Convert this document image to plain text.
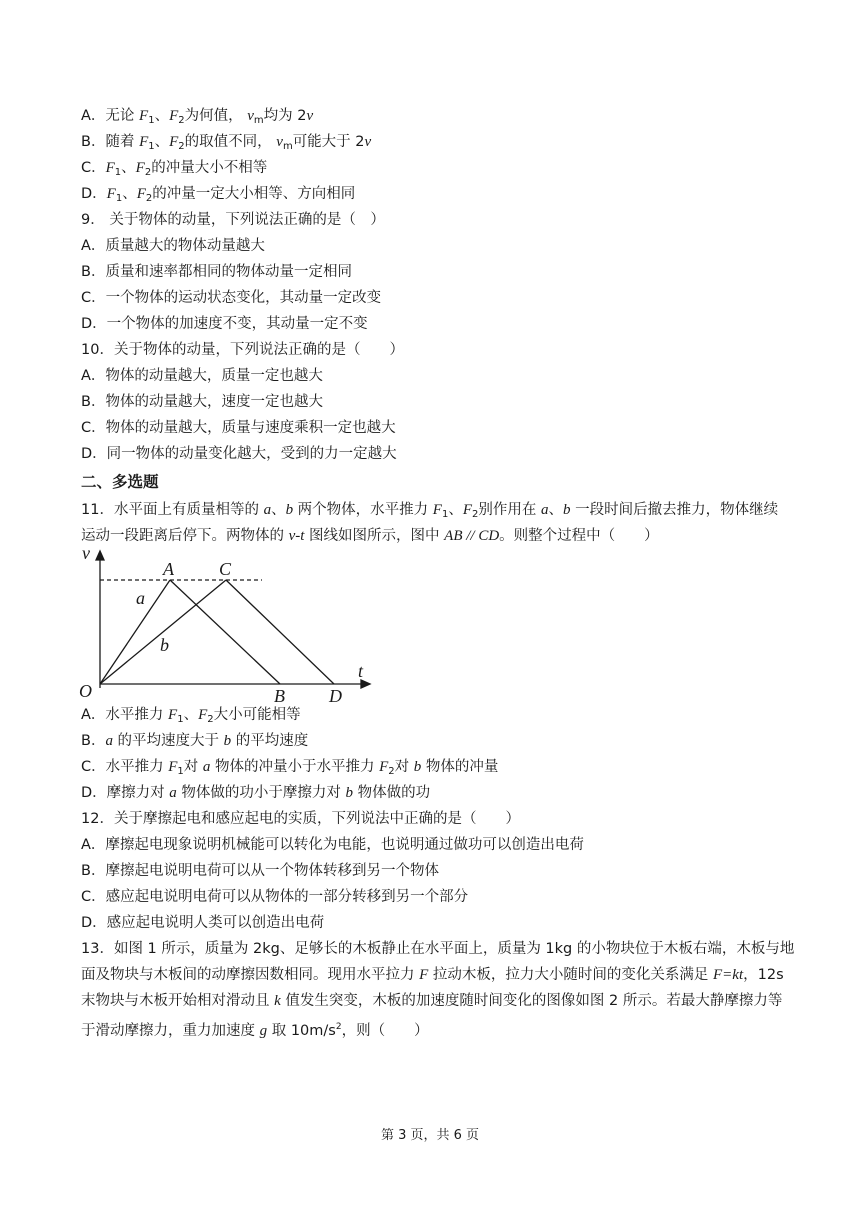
A．无论 $F_1$、$F_2$为何值， $v_m$均为 2v
B．随着 $F_1$、$F_2$的取值不同， $v_m$可能大于 2v
C．$F_1$、$F_2$的冲量大小不相等
D．$F_1$、$F_2$的冲量一定大小相等、方向相同
9． 关于物体的动量，下列说法正确的是（　）
A．质量越大的物体动量越大
B．质量和速率都相同的物体动量一定相同
C．一个物体的运动状态变化，其动量一定改变
D．一个物体的加速度不变，其动量一定不变
10．关于物体的动量，下列说法正确的是（　　）
A．物体的动量越大，质量一定也越大
B．物体的动量越大，速度一定也越大
C．物体的动量越大，质量与速度乘积一定也越大
D．同一物体的动量变化越大，受到的力一定越大
二、多选题
11．水平面上有质量相等的 a、b 两个物体，水平推力 $F_1$、$F_2$别作用在 a、b 一段时间后撤去推力，物体继续
运动一段距离后停下。两物体的 v-t 图线如图所示，图中 AB // CD。则整个过程中（　　）
v
t
O
A	C
B D
a
b
A．水平推力 $F_1$、$F_2$大小可能相等
B．a 的平均速度大于 b 的平均速度
C．水平推力 $F_1$对 a 物体的冲量小于水平推力 $F_2$对 b 物体的冲量
D．摩擦力对 a 物体做的功小于摩擦力对 b 物体做的功
12．关于摩擦起电和感应起电的实质，下列说法中正确的是（　　）
A．摩擦起电现象说明机械能可以转化为电能，也说明通过做功可以创造出电荷
B．摩擦起电说明电荷可以从一个物体转移到另一个物体
C．感应起电说明电荷可以从物体的一部分转移到另一个部分
D．感应起电说明人类可以创造出电荷
13．如图 1 所示，质量为 2kg、足够长的木板静止在水平面上，质量为 1kg 的小物块位于木板右端，木板与地
面及物块与木板间的动摩擦因数相同。现用水平拉力 F 拉动木板，拉力大小随时间的变化关系满足 F=kt，12s
末物块与木板开始相对滑动且 k 值发生突变，木板的加速度随时间变化的图像如图 2 所示。若最大静摩擦力等
于滑动摩擦力，重力加速度 g 取 $10m/s^2$，则（　　）
第 3 页，共 6 页
